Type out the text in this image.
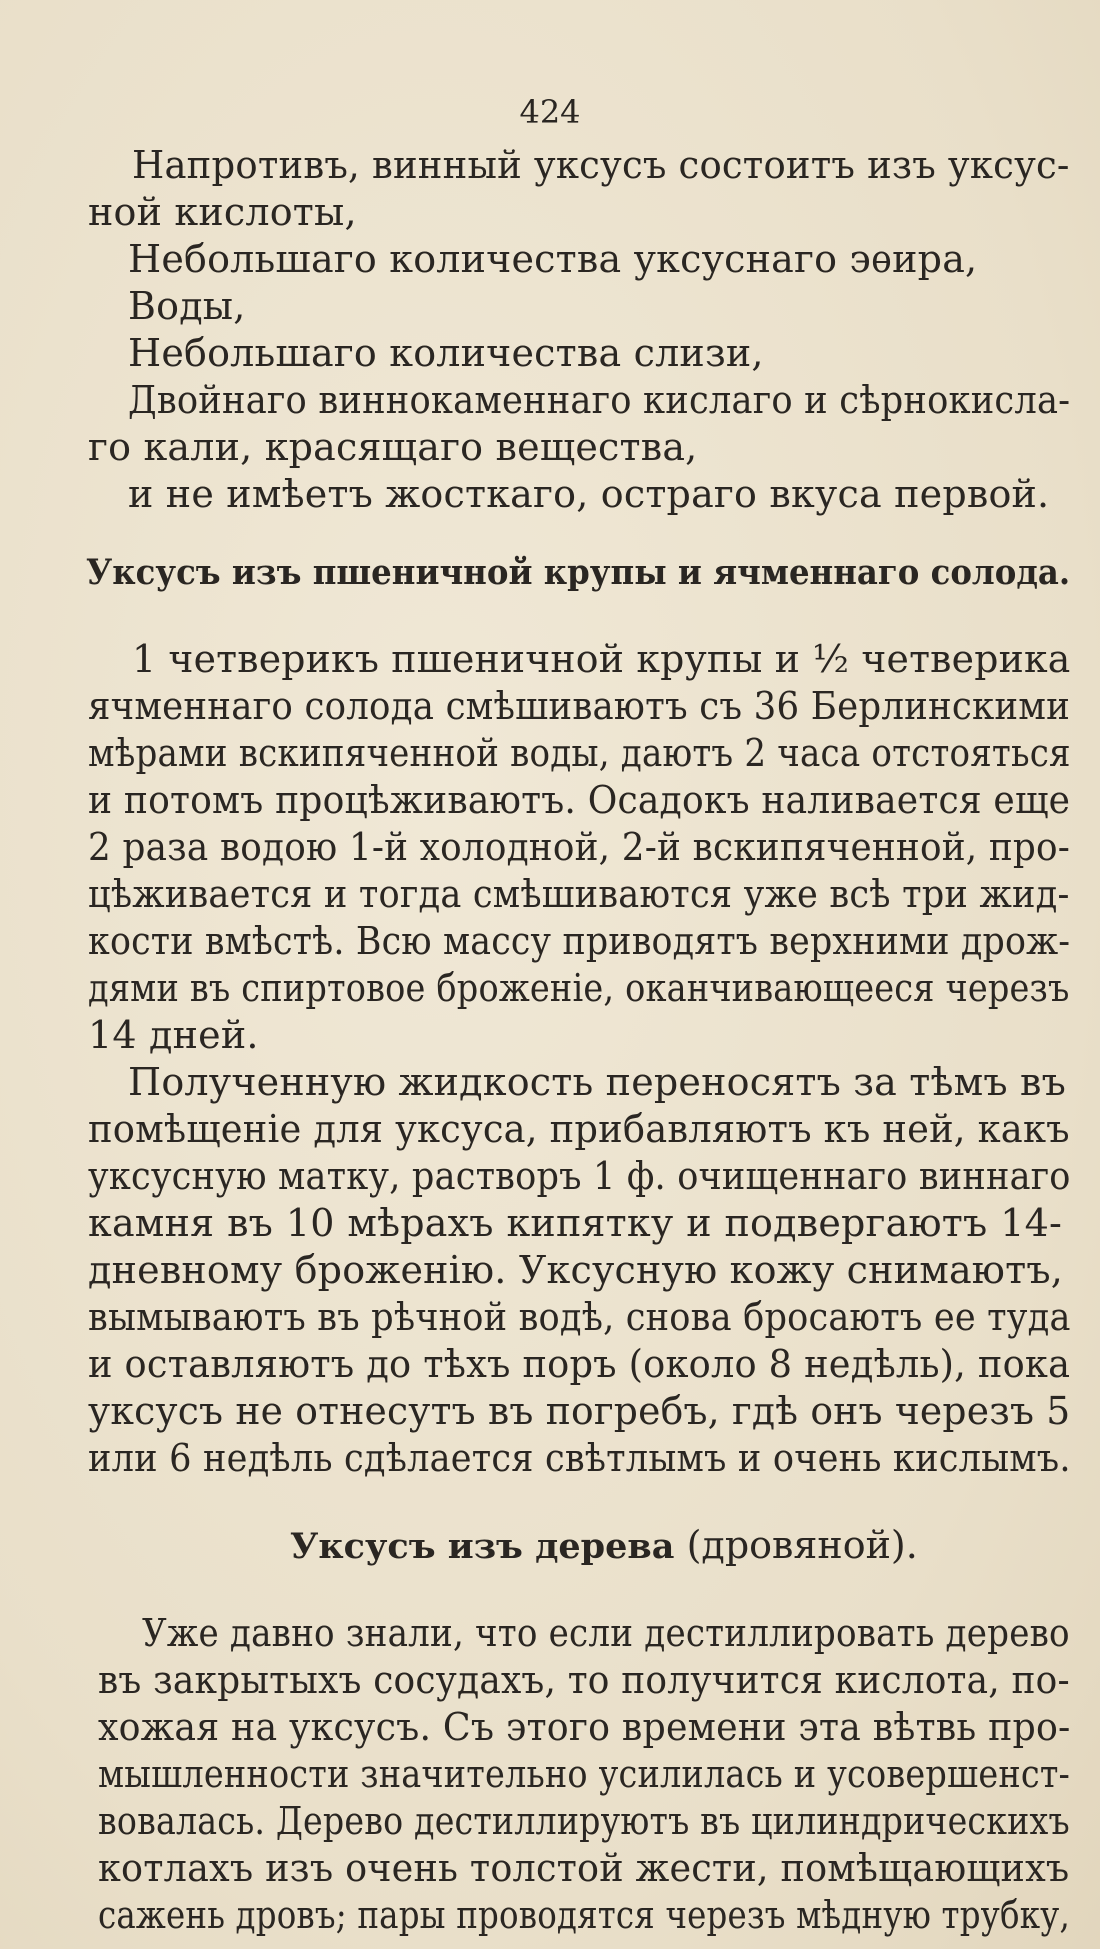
424
Напротивъ, винный уксусъ состоитъ изъ уксус-
ной кислоты,
Небольшаго количества уксуснаго эѳира,
Воды,
Небольшаго количества слизи,
Двойнаго виннокаменнаго кислаго и сѣрнокисла-
го кали, красящаго вещества,
и не имѣетъ жосткаго, остраго вкуса первой.
Уксусъ изъ пшеничной крупы и ячменнаго солода.
1 четверикъ пшеничной крупы и ½ четверика
ячменнаго солода смѣшиваютъ съ 36 Берлинскими
мѣрами вскипяченной воды, даютъ 2 часа отстояться
и потомъ процѣживаютъ. Осадокъ наливается еще
2 раза водою 1-й холодной, 2-й вскипяченной, про-
цѣживается и тогда смѣшиваются уже всѣ три жид-
кости вмѣстѣ. Всю массу приводятъ верхними дрож-
дями въ спиртовое броженіе, оканчивающееся черезъ
14 дней.
Полученную жидкость переносятъ за тѣмъ въ
помѣщеніе для уксуса, прибавляютъ къ ней, какъ
уксусную матку, растворъ 1 ф. очищеннаго виннаго
камня въ 10 мѣрахъ кипятку и подвергаютъ 14-
дневному броженію. Уксусную кожу снимаютъ,
вымываютъ въ рѣчной водѣ, снова бросаютъ ее туда
и оставляютъ до тѣхъ поръ (около 8 недѣль), пока
уксусъ не отнесутъ въ погребъ, гдѣ онъ черезъ 5
или 6 недѣль сдѣлается свѣтлымъ и очень кислымъ.
Уксусъ изъ дерева (дровяной).
Уже давно знали, что если дестиллировать дерево
въ закрытыхъ сосудахъ, то получится кислота, по-
хожая на уксусъ. Съ этого времени эта вѣтвь про-
мышленности значительно усилилась и усовершенст-
вовалась. Дерево дестиллируютъ въ цилиндрическихъ
котлахъ изъ очень толстой жести, помѣщающихъ
сажень дровъ; пары проводятся черезъ мѣдную трубку,
